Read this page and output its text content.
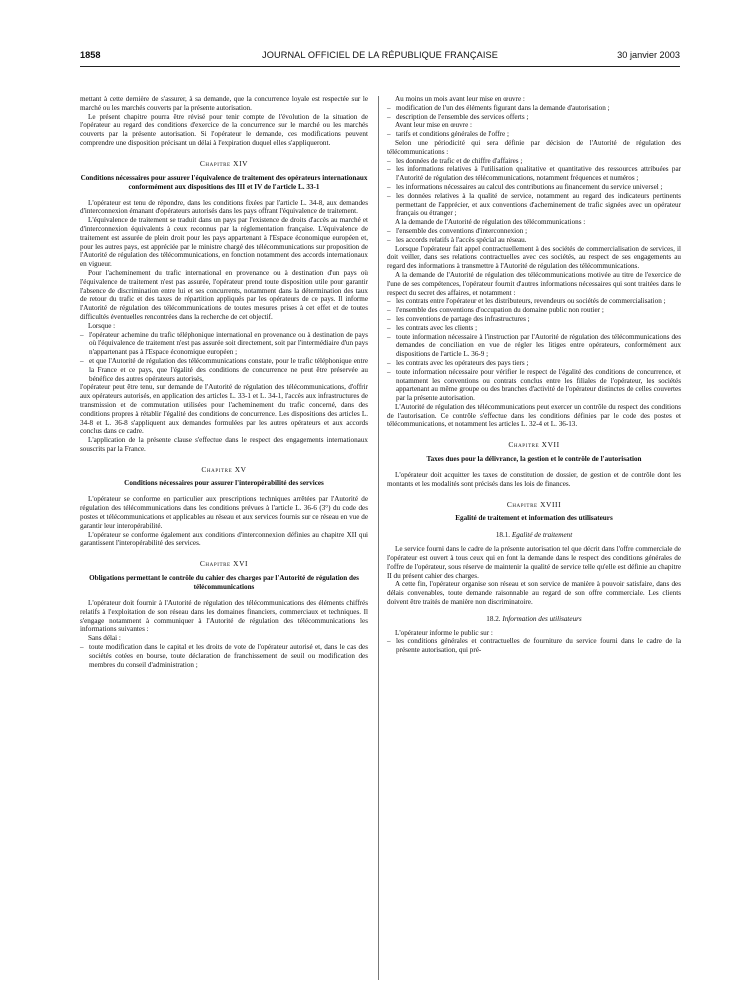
1858	JOURNAL OFFICIEL DE LA RÉPUBLIQUE FRANÇAISE	30 janvier 2003

mettant à cette dernière de s'assurer, à sa demande, que la concurrence loyale est respectée sur le marché ou les marchés couverts par la présente autorisation.

Le présent chapitre pourra être révisé pour tenir compte de l'évolution de la situation de l'opérateur au regard des conditions d'exercice de la concurrence sur le marché ou les marchés couverts par la présente autorisation. Si l'opérateur le demande, ces modifications peuvent comprendre une disposition précisant un délai à l'expiration duquel elles s'appliqueront.

Chapitre XIV
Conditions nécessaires pour assurer l'équivalence de traitement des opérateurs internationaux conformément aux dispositions des III et IV de l'article L. 33-1

L'opérateur est tenu de répondre, dans les conditions fixées par l'article L. 34-8, aux demandes d'interconnexion émanant d'opérateurs autorisés dans les pays offrant l'équivalence de traitement.

L'équivalence de traitement se traduit dans un pays par l'existence de droits d'accès au marché et d'interconnexion équivalents à ceux reconnus par la réglementation française. L'équivalence de traitement est assurée de plein droit pour les pays appartenant à l'Espace économique européen et, pour les autres pays, est appréciée par le ministre chargé des télécommunications sur proposition de l'Autorité de régulation des télécommunications, en fonction notamment des accords internationaux en vigueur.

Pour l'acheminement du trafic international en provenance ou à destination d'un pays où l'équivalence de traitement n'est pas assurée, l'opérateur prend toute disposition utile pour garantir l'absence de discrimination entre lui et ses concurrents, notamment dans la détermination des taux de retour du trafic et des taxes de répartition appliqués par les opérateurs de ce pays. Il informe l'Autorité de régulation des télécommunications de toutes mesures prises à cet effet et de toutes difficultés éventuelles rencontrées dans la recherche de cet objectif.

Lorsque :

– l'opérateur achemine du trafic téléphonique international en provenance ou à destination de pays où l'équivalence de traitement n'est pas assurée soit directement, soit par l'intermédiaire d'un pays n'appartenant pas à l'Espace économique européen ;

– et que l'Autorité de régulation des télécommunications constate, pour le trafic téléphonique entre la France et ce pays, que l'égalité des conditions de concurrence ne peut être préservée au bénéfice des autres opérateurs autorisés,

l'opérateur peut être tenu, sur demande de l'Autorité de régulation des télécommunications, d'offrir aux opérateurs autorisés, en application des articles L. 33-1 et L. 34-1, l'accès aux infrastructures de transmission et de commutation utilisées pour l'acheminement du trafic concerné, dans des conditions propres à rétablir l'égalité des conditions de concurrence. Les dispositions des articles L. 34-8 et L. 36-8 s'appliquent aux demandes formulées par les autres opérateurs et aux accords conclus dans ce cadre.

L'application de la présente clause s'effectue dans le respect des engagements internationaux souscrits par la France.

Chapitre XV
Conditions nécessaires pour assurer l'interopérabilité des services

L'opérateur se conforme en particulier aux prescriptions techniques arrêtées par l'Autorité de régulation des télécommunications dans les conditions prévues à l'article L. 36-6 (3°) du code des postes et télécommunications et applicables au réseau et aux services fournis sur ce réseau en vue de garantir leur interopérabilité.

L'opérateur se conforme également aux conditions d'interconnexion définies au chapitre XII qui garantissent l'interopérabilité des services.

Chapitre XVI
Obligations permettant le contrôle du cahier des charges par l'Autorité de régulation des télécommunications

L'opérateur doit fournir à l'Autorité de régulation des télécommunications des éléments chiffrés relatifs à l'exploitation de son réseau dans les domaines financiers, commerciaux et techniques. Il s'engage notamment à communiquer à l'Autorité de régulation des télécommunications les informations suivantes :

Sans délai :

– toute modification dans le capital et les droits de vote de l'opérateur autorisé et, dans le cas des sociétés cotées en bourse, toute déclaration de franchissement de seuil ou modification des membres du conseil d'administration ;

Au moins un mois avant leur mise en œuvre :

– modification de l'un des éléments figurant dans la demande d'autorisation ;

– description de l'ensemble des services offerts ;

Avant leur mise en œuvre :

– tarifs et conditions générales de l'offre ;

Selon une périodicité qui sera définie par décision de l'Autorité de régulation des télécommunications :

– les données de trafic et de chiffre d'affaires ;

– les informations relatives à l'utilisation qualitative et quantitative des ressources attribuées par l'Autorité de régulation des télécommunications, notamment fréquences et numéros ;

– les informations nécessaires au calcul des contributions au financement du service universel ;

– les données relatives à la qualité de service, notamment au regard des indicateurs pertinents permettant de l'apprécier, et aux conventions d'acheminement de trafic signées avec un opérateur français ou étranger ;

A la demande de l'Autorité de régulation des télécommunications :

– l'ensemble des conventions d'interconnexion ;

– les accords relatifs à l'accès spécial au réseau.

Lorsque l'opérateur fait appel contractuellement à des sociétés de commercialisation de services, il doit veiller, dans ses relations contractuelles avec ces sociétés, au respect de ses engagements au regard des informations à transmettre à l'Autorité de régulation des télécommunications.

A la demande de l'Autorité de régulation des télécommunications motivée au titre de l'exercice de l'une de ses compétences, l'opérateur fournit d'autres informations nécessaires qui sont traitées dans le respect du secret des affaires, et notamment :

– les contrats entre l'opérateur et les distributeurs, revendeurs ou sociétés de commercialisation ;

– l'ensemble des conventions d'occupation du domaine public non routier ;

– les conventions de partage des infrastructures ;

– les contrats avec les clients ;

– toute information nécessaire à l'instruction par l'Autorité de régulation des télécommunications des demandes de conciliation en vue de régler les litiges entre opérateurs, conformément aux dispositions de l'article L. 36-9 ;

– les contrats avec les opérateurs des pays tiers ;

– toute information nécessaire pour vérifier le respect de l'égalité des conditions de concurrence, et notamment les conventions ou contrats conclus entre les filiales de l'opérateur, les sociétés appartenant au même groupe ou des branches d'activité de l'opérateur distinctes de celles couvertes par la présente autorisation.

L'Autorité de régulation des télécommunications peut exercer un contrôle du respect des conditions de l'autorisation. Ce contrôle s'effectue dans les conditions définies par le code des postes et télécommunications, et notamment les articles L. 32-4 et L. 36-13.

Chapitre XVII
Taxes dues pour la délivrance, la gestion et le contrôle de l'autorisation

L'opérateur doit acquitter les taxes de constitution de dossier, de gestion et de contrôle dont les montants et les modalités sont précisés dans les lois de finances.

Chapitre XVIII
Egalité de traitement et information des utilisateurs
18.1. Egalité de traitement

Le service fourni dans le cadre de la présente autorisation tel que décrit dans l'offre commerciale de l'opérateur est ouvert à tous ceux qui en font la demande dans le respect des conditions générales de l'offre de l'opérateur, sous réserve de maintenir la qualité de service telle qu'elle est définie au chapitre II du présent cahier des charges.

A cette fin, l'opérateur organise son réseau et son service de manière à pouvoir satisfaire, dans des délais convenables, toute demande raisonnable au regard de son offre commerciale. Les clients doivent être traités de manière non discriminatoire.

18.2. Information des utilisateurs

L'opérateur informe le public sur :

– les conditions générales et contractuelles de fourniture du service fourni dans le cadre de la présente autorisation, qui pré-
